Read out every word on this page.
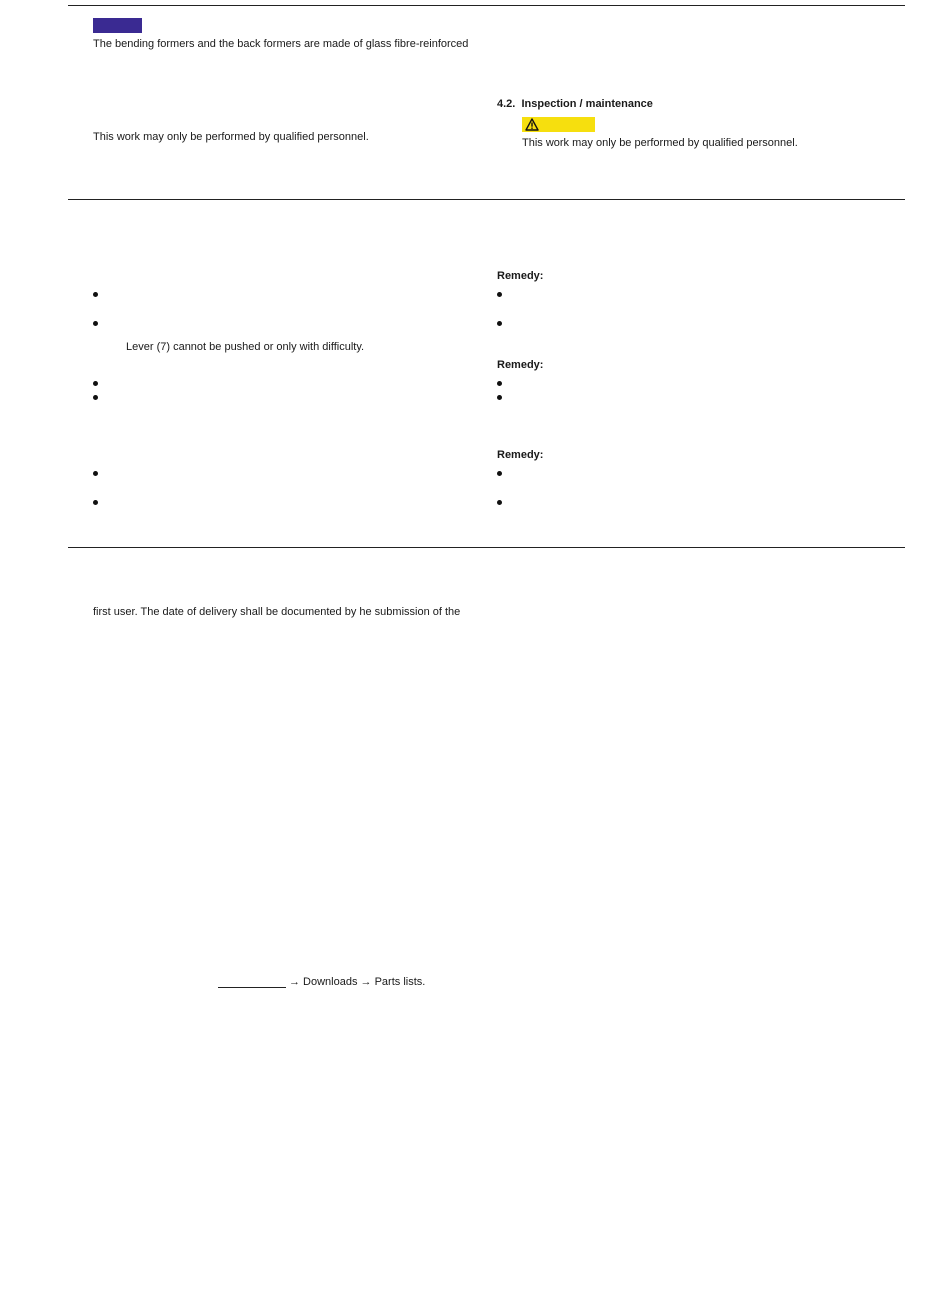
The bending formers and the back formers are made of glass fibre-reinforced
This work may only be performed by qualified personnel.
4.2. Inspection / maintenance
This work may only be performed by qualified personnel.
Lever (7) cannot be pushed or only with difficulty.
Remedy:
Remedy:
Remedy:
first user. The date of delivery shall be documented by he submission of the
→ Downloads → Parts lists.
